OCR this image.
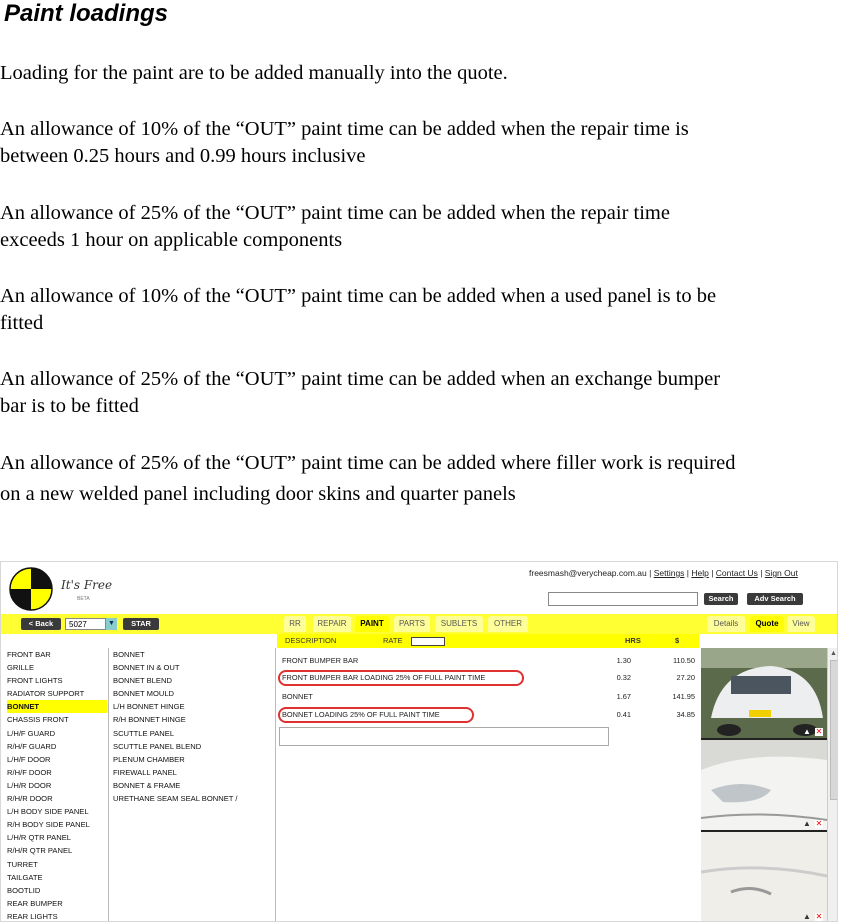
Paint loadings

Loading for the paint are to be added manually into the quote.

An allowance of 10% of the “OUT” paint time can be added when the repair time is
between 0.25 hours and 0.99 hours inclusive

An allowance of 25% of the “OUT” paint time can be added when the repair time
exceeds 1 hour on applicable components

An allowance of 10% of the “OUT” paint time can be added when a used panel is to be
fitted

An allowance of 25% of the “OUT” paint time can be added when an exchange bumper
bar is to be fitted

An allowance of 25% of the “OUT” paint time can be added where filler work is required
on a new welded panel including door skins and quarter panels

It's Free
BETA
freesmash@verycheap.com.au | Settings | Help | Contact Us | Sign Out
Search	Adv Search
< Back	5027	▼	STAR	RR	REPAIR	PAINT	PARTS	SUBLETS	OTHER	Details	Quote	View
DESCRIPTION	RATE	HRS	$
FRONT BAR
GRILLE
FRONT LIGHTS
RADIATOR SUPPORT
BONNET
CHASSIS FRONT
L/H/F GUARD
R/H/F GUARD
L/H/F DOOR
R/H/F DOOR
L/H/R DOOR
R/H/R DOOR
L/H BODY SIDE PANEL
R/H BODY SIDE PANEL
L/H/R QTR PANEL
R/H/R QTR PANEL
TURRET
TAILGATE
BOOTLID
REAR BUMPER
REAR LIGHTS
BONNET
BONNET IN & OUT
BONNET BLEND
BONNET MOULD
L/H BONNET HINGE
R/H BONNET HINGE
SCUTTLE PANEL
SCUTTLE PANEL BLEND
PLENUM CHAMBER
FIREWALL PANEL
BONNET & FRAME
URETHANE SEAM SEAL BONNET /
FRONT BUMPER BAR	1.30	110.50
FRONT BUMPER BAR LOADING 25% OF FULL PAINT TIME	0.32	27.20
BONNET	1.67	141.95
BONNET LOADING 25% OF FULL PAINT TIME	0.41	34.85
▲ ✕
▲ ✕
▲ ✕
▲
